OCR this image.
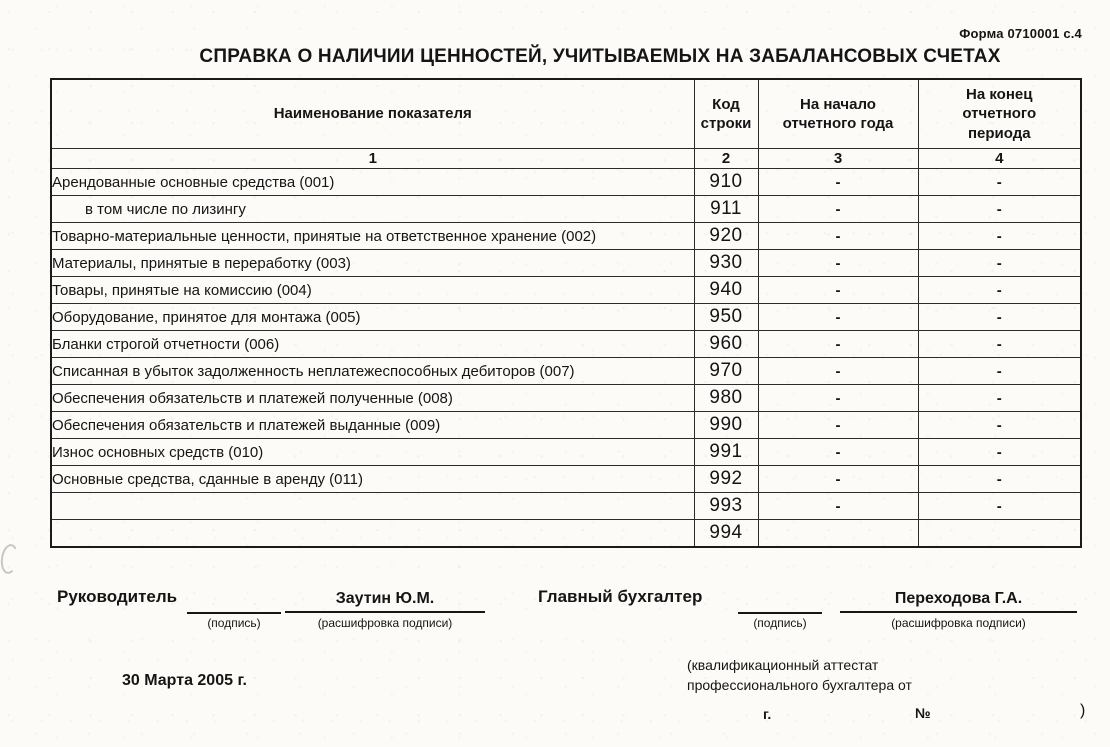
Форма 0710001 с.4
СПРАВКА О НАЛИЧИИ ЦЕННОСТЕЙ, УЧИТЫВАЕМЫХ НА ЗАБАЛАНСОВЫХ СЧЕТАХ
Наименование показателя	Код строки	На начало отчетного года	На конец отчетного периода
1	2	3	4
Арендованные основные средства (001)	910	-	-
в том числе по лизингу	911	-	-
Товарно-материальные ценности, принятые на ответственное хранение (002)	920	-	-
Материалы, принятые в переработку (003)	930	-	-
Товары, принятые на комиссию (004)	940	-	-
Оборудование, принятое для монтажа (005)	950	-	-
Бланки строгой отчетности (006)	960	-	-
Списанная в убыток задолженность неплатежеспособных дебиторов (007)	970	-	-
Обеспечения обязательств и платежей полученные (008)	980	-	-
Обеспечения обязательств и платежей выданные (009)	990	-	-
Износ основных средств (010)	991	-	-
Основные средства, сданные в аренду (011)	992	-	-
	993	-	-
	994		
Руководитель	Заутин Ю.М.
(подпись)	(расшифровка подписи)
Главный бухгалтер	Переходова Г.А.
(подпись)	(расшифровка подписи)
30 Марта 2005 г.
(квалификационный аттестат
профессионального бухгалтера от
г.	№	)
